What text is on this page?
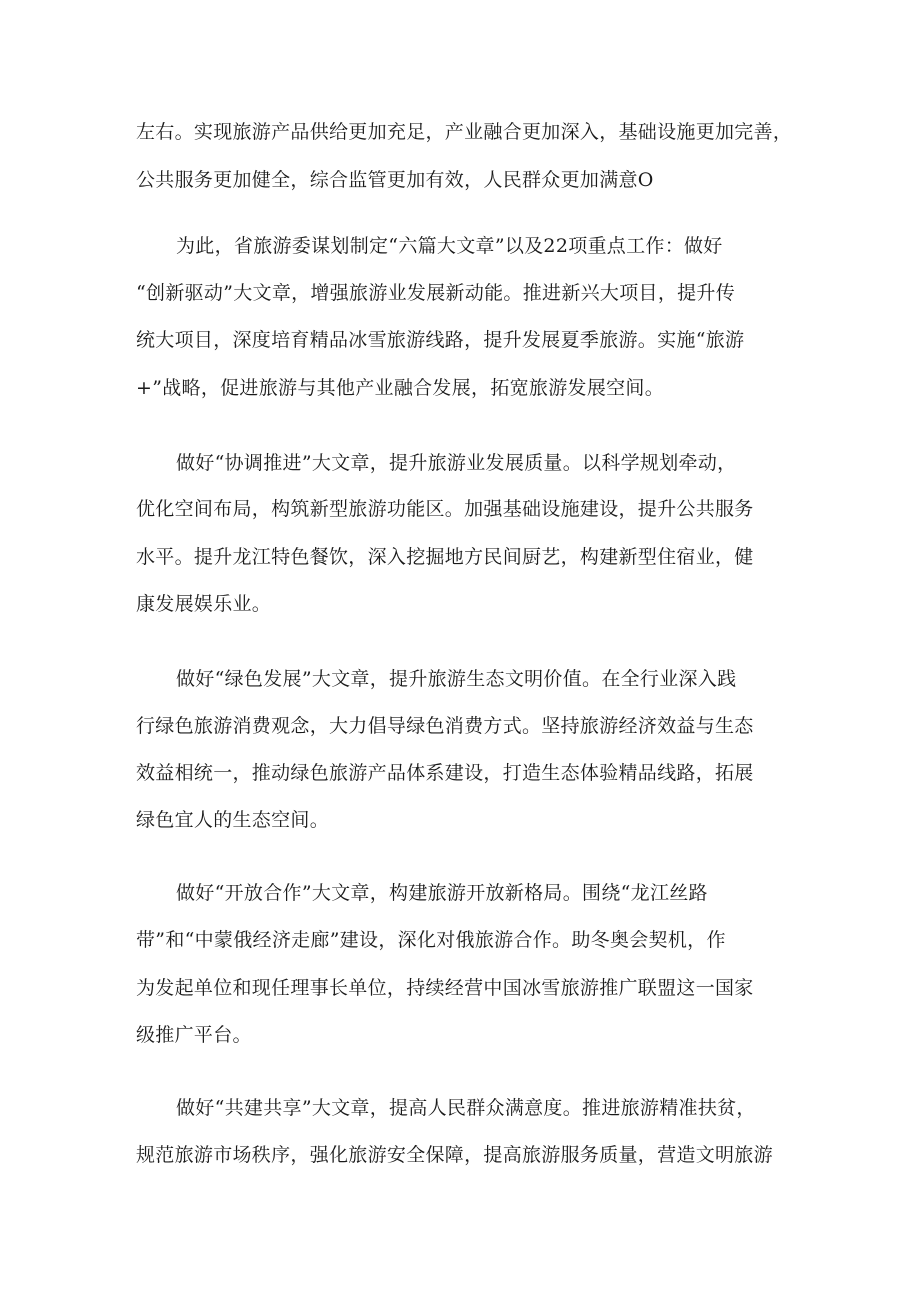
左右。实现旅游产品供给更加充足，产业融合更加深入，基础设施更加完善，
公共服务更加健全，综合监管更加有效，人民群众更加满意O
为此，省旅游委谋划制定“六篇大文章”以及22项重点工作：做好
“创新驱动”大文章，增强旅游业发展新动能。推进新兴大项目，提升传
统大项目，深度培育精品冰雪旅游线路，提升发展夏季旅游。实施“旅游
+”战略，促进旅游与其他产业融合发展，拓宽旅游发展空间。
做好“协调推进”大文章，提升旅游业发展质量。以科学规划牵动，
优化空间布局，构筑新型旅游功能区。加强基础设施建设，提升公共服务
水平。提升龙江特色餐饮，深入挖掘地方民间厨艺，构建新型住宿业，健
康发展娱乐业。
做好“绿色发展”大文章，提升旅游生态文明价值。在全行业深入践
行绿色旅游消费观念，大力倡导绿色消费方式。坚持旅游经济效益与生态
效益相统一，推动绿色旅游产品体系建设，打造生态体验精品线路，拓展
绿色宜人的生态空间。
做好“开放合作”大文章，构建旅游开放新格局。围绕“龙江丝路
带”和“中蒙俄经济走廊”建设，深化对俄旅游合作。助冬奥会契机，作
为发起单位和现任理事长单位，持续经营中国冰雪旅游推广联盟这一国家
级推广平台。
做好“共建共享”大文章，提高人民群众满意度。推进旅游精准扶贫，
规范旅游市场秩序，强化旅游安全保障，提高旅游服务质量，营造文明旅游
